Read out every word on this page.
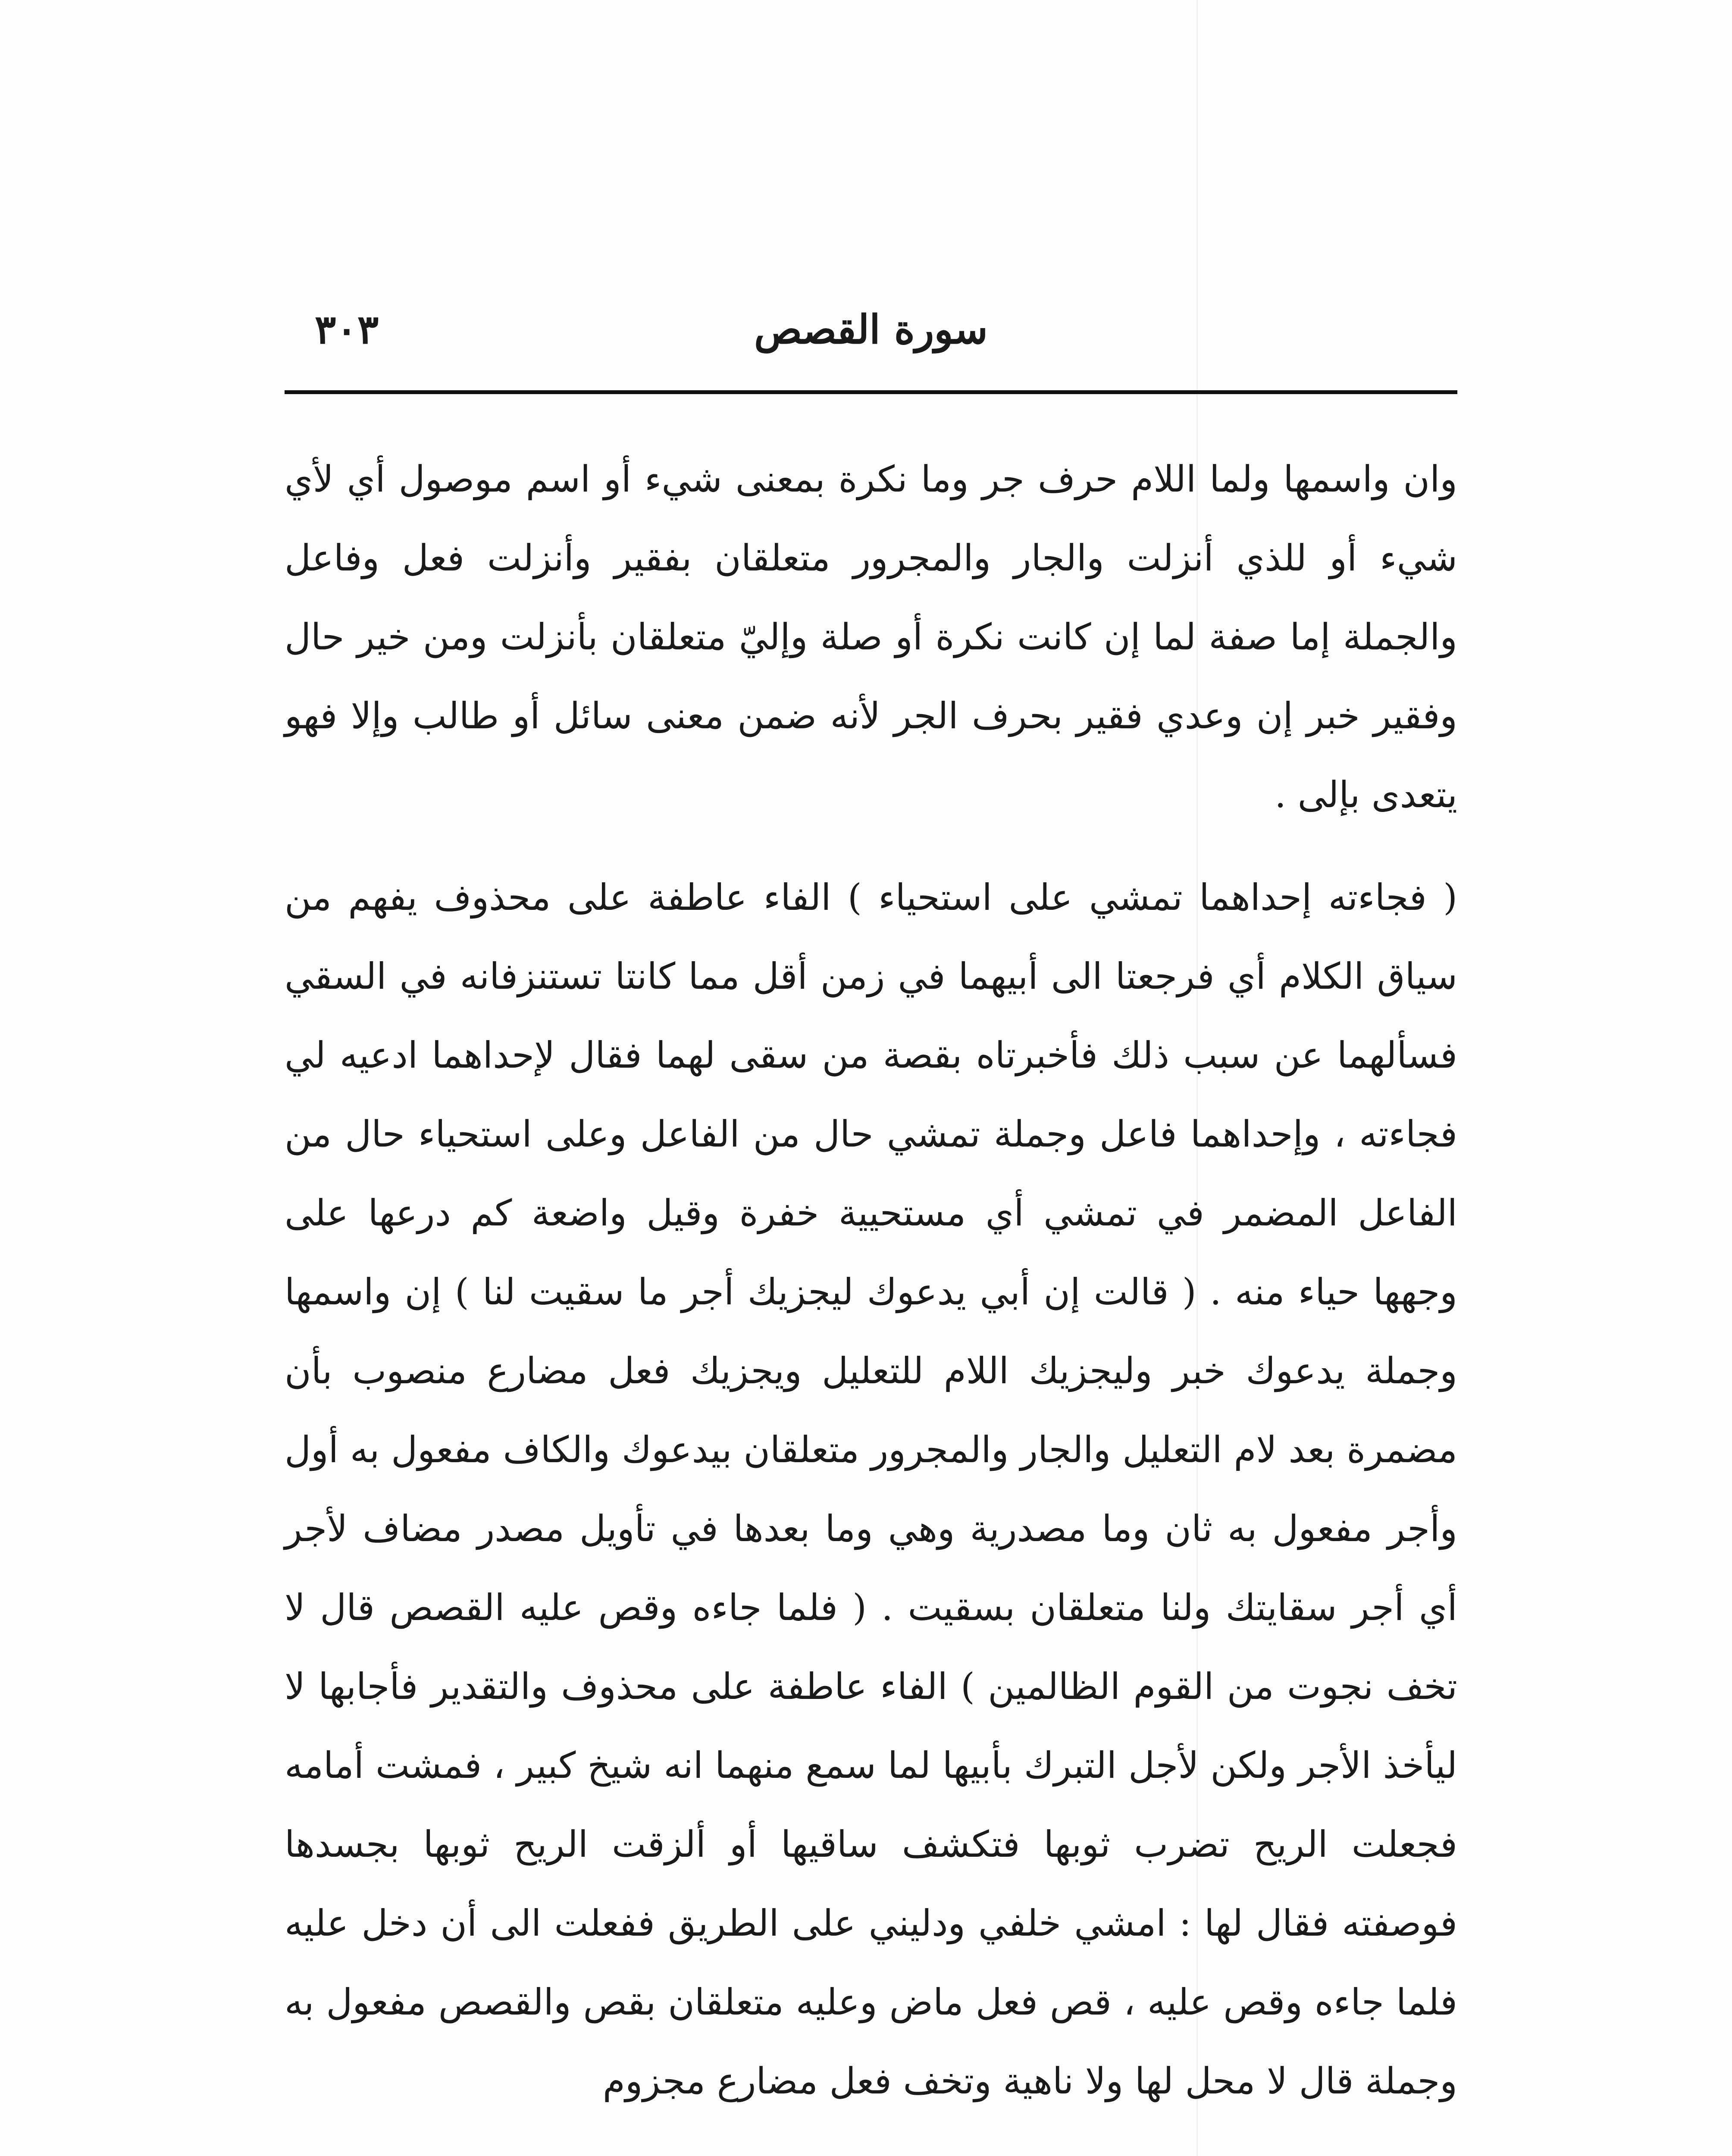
سورة القصص
٣٠٣

وان واسمها ولما اللام حرف جر وما نكرة بمعنى شيء أو اسم موصول أي لأي شيء أو للذي أنزلت والجار والمجرور متعلقان بفقير وأنزلت فعل وفاعل والجملة إما صفة لما إن كانت نكرة أو صلة وإليّ متعلقان بأنزلت ومن خير حال وفقير خبر إن وعدي فقير بحرف الجر لأنه ضمن معنى سائل أو طالب وإلا فهو يتعدى بإلى .

( فجاءته إحداهما تمشي على استحياء ) الفاء عاطفة على محذوف يفهم من سياق الكلام أي فرجعتا الى أبيهما في زمن أقل مما كانتا تستنزفانه في السقي فسألهما عن سبب ذلك فأخبرتاه بقصة من سقى لهما فقال لإحداهما ادعيه لي فجاءته ، وإحداهما فاعل وجملة تمشي حال من الفاعل وعلى استحياء حال من الفاعل المضمر في تمشي أي مستحيية خفرة وقيل واضعة كم درعها على وجهها حياء منه . ( قالت إن أبي يدعوك ليجزيك أجر ما سقيت لنا ) إن واسمها وجملة يدعوك خبر وليجزيك اللام للتعليل ويجزيك فعل مضارع منصوب بأن مضمرة بعد لام التعليل والجار والمجرور متعلقان بيدعوك والكاف مفعول به أول وأجر مفعول به ثان وما مصدرية وهي وما بعدها في تأويل مصدر مضاف لأجر أي أجر سقايتك ولنا متعلقان بسقيت . ( فلما جاءه وقص عليه القصص قال لا تخف نجوت من القوم الظالمين ) الفاء عاطفة على محذوف والتقدير فأجابها لا ليأخذ الأجر ولكن لأجل التبرك بأبيها لما سمع منهما انه شيخ كبير ، فمشت أمامه فجعلت الريح تضرب ثوبها فتكشف ساقيها أو ألزقت الريح ثوبها بجسدها فوصفته فقال لها : امشي خلفي ودليني على الطريق ففعلت الى أن دخل عليه فلما جاءه وقص عليه ، قص فعل ماض وعليه متعلقان بقص والقصص مفعول به وجملة قال لا محل لها ولا ناهية وتخف فعل مضارع مجزوم
